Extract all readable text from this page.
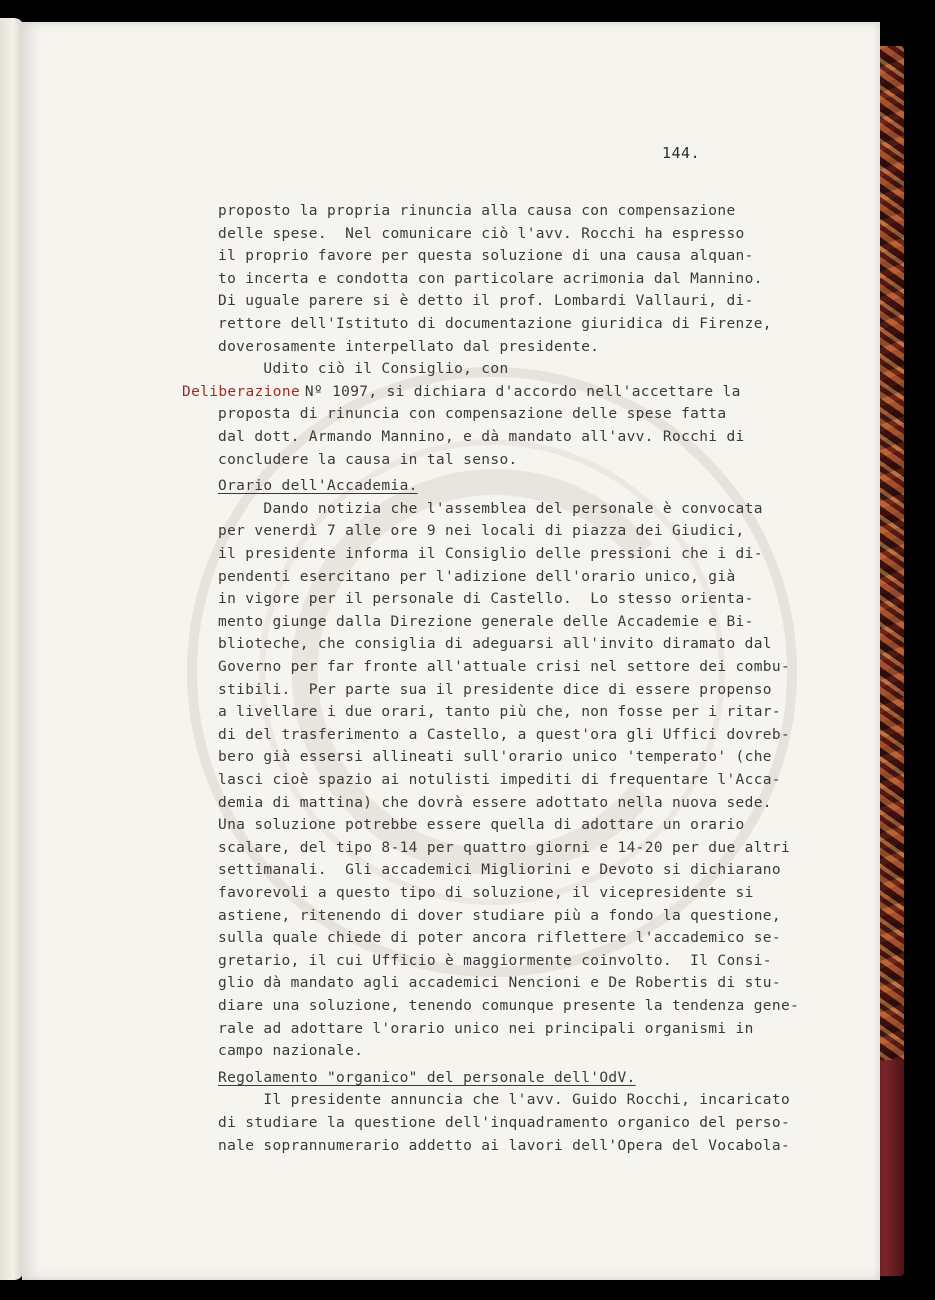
144.
proposto la propria rinuncia alla causa con compensazione
delle spese.  Nel comunicare ciò l'avv. Rocchi ha espresso
il proprio favore per questa soluzione di una causa alquan-
to incerta e condotta con particolare acrimonia dal Mannino.
Di uguale parere si è detto il prof. Lombardi Vallauri, di-
rettore dell'Istituto di documentazione giuridica di Firenze,
doverosamente interpellato dal presidente.
Udito ciò il Consiglio, con
Deliberazione
Nº 1097, si dichiara d'accordo nell'accettare la
proposta di rinuncia con compensazione delle spese fatta
dal dott. Armando Mannino, e dà mandato all'avv. Rocchi di
concludere la causa in tal senso.
Orario dell'Accademia.
Dando notizia che l'assemblea del personale è convocata
per venerdì 7 alle ore 9 nei locali di piazza dei Giudici,
il presidente informa il Consiglio delle pressioni che i di-
pendenti esercitano per l'adizione dell'orario unico, già
in vigore per il personale di Castello.  Lo stesso orienta-
mento giunge dalla Direzione generale delle Accademie e Bi-
blioteche, che consiglia di adeguarsi all'invito diramato dal
Governo per far fronte all'attuale crisi nel settore dei combu-
stibili.  Per parte sua il presidente dice di essere propenso
a livellare i due orari, tanto più che, non fosse per i ritar-
di del trasferimento a Castello, a quest'ora gli Uffici dovreb-
bero già essersi allineati sull'orario unico 'temperato' (che
lasci cioè spazio ai notulisti impediti di frequentare l'Acca-
demia di mattina) che dovrà essere adottato nella nuova sede.
Una soluzione potrebbe essere quella di adottare un orario
scalare, del tipo 8-14 per quattro giorni e 14-20 per due altri
settimanali.  Gli accademici Migliorini e Devoto si dichiarano
favorevoli a questo tipo di soluzione, il vicepresidente si
astiene, ritenendo di dover studiare più a fondo la questione,
sulla quale chiede di poter ancora riflettere l'accademico se-
gretario, il cui Ufficio è maggiormente coinvolto.  Il Consi-
glio dà mandato agli accademici Nencioni e De Robertis di stu-
diare una soluzione, tenendo comunque presente la tendenza gene-
rale ad adottare l'orario unico nei principali organismi in
campo nazionale.
Regolamento "organico" del personale dell'OdV.
Il presidente annuncia che l'avv. Guido Rocchi, incaricato
di studiare la questione dell'inquadramento organico del perso-
nale soprannumerario addetto ai lavori dell'Opera del Vocabola-
